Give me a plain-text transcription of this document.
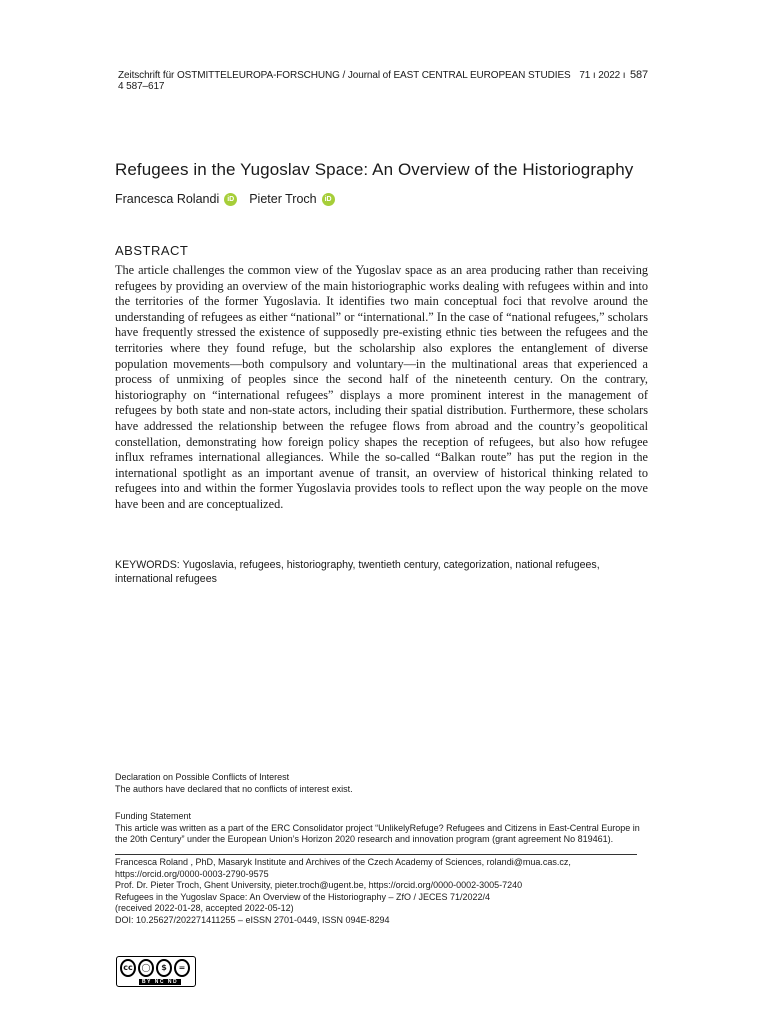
Zeitschrift für OSTMITTELEUROPA-FORSCHUNG / Journal of EAST CENTRAL EUROPEAN STUDIES 71 ı 2022 ı 4 587–617
587
Refugees in the Yugoslav Space: An Overview of the Historiography
Francesca Rolandi	iD Pieter Troch	iD
ABSTRACT
The article challenges the common view of the Yugoslav space as an area producing rather than receiving refugees by providing an overview of the main historiographic works dealing with refugees within and into the territories of the former Yugoslavia. It identifies two main conceptual foci that revolve around the understanding of refugees as either “national” or “international.” In the case of “national refugees,” scholars have frequently stressed the existence of supposedly pre-existing ethnic ties between the refugees and the territories where they found refuge, but the scholarship also explores the entanglement of diverse population movements—both compulsory and voluntary—in the multinational areas that experienced a process of unmixing of peoples since the second half of the nineteenth century. On the contrary, historiography on “international refugees” displays a more prominent interest in the management of refugees by both state and non-state actors, including their spatial distribution. Furthermore, these scholars have addressed the relationship between the refugee flows from abroad and the country’s geopolitical constellation, demonstrating how foreign policy shapes the reception of refugees, but also how refugee influx reframes international allegiances. While the so-called “Balkan route” has put the region in the international spotlight as an important avenue of transit, an overview of historical thinking related to refugees into and within the former Yugoslavia provides tools to reflect upon the way people on the move have been and are conceptualized.
KEYWORDS: Yugoslavia, refugees, historiography, twentieth century, categorization, national refugees, international refugees
Declaration on Possible Conflicts of Interest
The authors have declared that no conflicts of interest exist.
Funding Statement
This article was written as a part of the ERC Consolidator project “UnlikelyRefuge? Refugees and Citizens in East-Central Europe in the 20th Century” under the European Union’s Horizon 2020 research and innovation program (grant agreement No 819461).
Francesca Roland , PhD, Masaryk Institute and Archives of the Czech Academy of Sciences, rolandi@mua.cas.cz,
https://orcid.org/0000-0003-2790-9575
Prof. Dr. Pieter Troch, Ghent University, pieter.troch@ugent.be, https://orcid.org/0000-0002-3005-7240
Refugees in the Yugoslav Space: An Overview of the Historiography – ZfO / JECES 71/2022/4
(received 2022-01-28, accepted 2022-05-12)
DOI: 10.25627/202271411255 – eISSN 2701-0449, ISSN 094E-8294
cc	◯	$	=
BY NC ND
